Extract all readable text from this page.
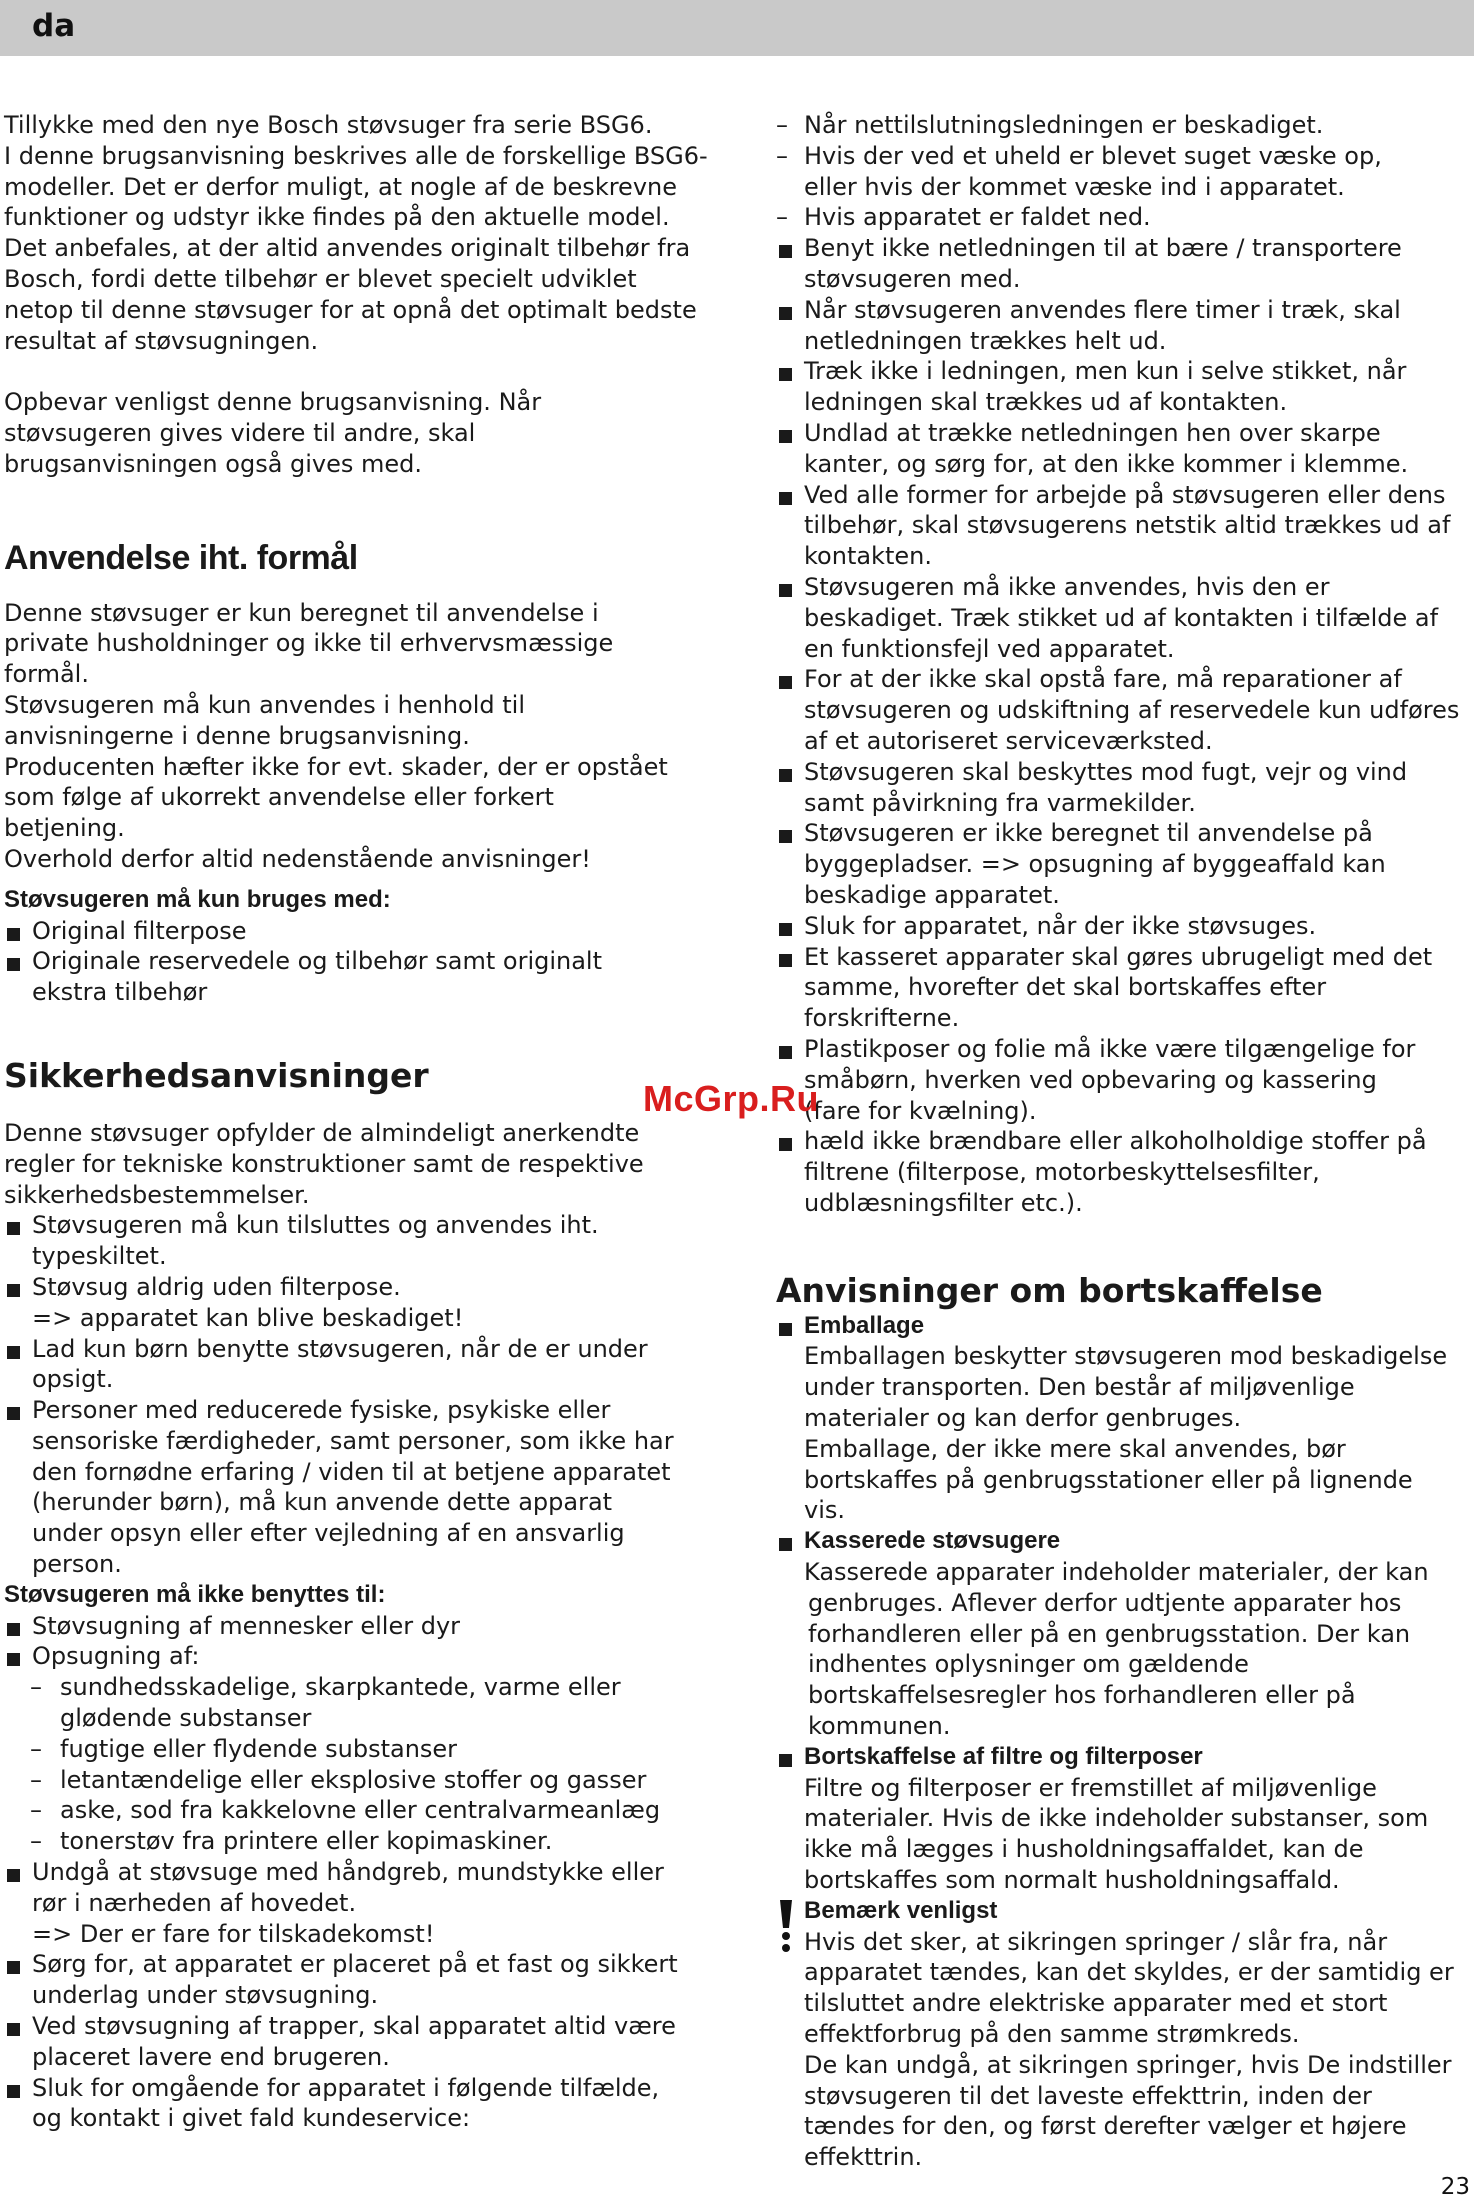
da

Tillykke med den nye Bosch støvsuger fra serie BSG6.

I denne brugsanvisning beskrives alle de forskellige BSG6-

modeller. Det er derfor muligt, at nogle af de beskrevne

funktioner og udstyr ikke findes på den aktuelle model.

Det anbefales, at der altid anvendes originalt tilbehør fra

Bosch, fordi dette tilbehør er blevet specielt udviklet

netop til denne støvsuger for at opnå det optimalt bedste

resultat af støvsugningen.

Opbevar venligst denne brugsanvisning. Når

støvsugeren gives videre til andre, skal

brugsanvisningen også gives med.

Anvendelse iht. formål

Denne støvsuger er kun beregnet til anvendelse i

private husholdninger og ikke til erhvervsmæssige

formål.

Støvsugeren må kun anvendes i henhold til

anvisningerne i denne brugsanvisning.

Producenten hæfter ikke for evt. skader, der er opstået

som følge af ukorrekt anvendelse eller forkert

betjening.

Overhold derfor altid nedenstående anvisninger!

Støvsugeren må kun bruges med:

Original filterpose

Originale reservedele og tilbehør samt originalt

ekstra tilbehør

Sikkerhedsanvisninger

Denne støvsuger opfylder de almindeligt anerkendte

regler for tekniske konstruktioner samt de respektive

sikkerhedsbestemmelser.

Støvsugeren må kun tilsluttes og anvendes iht.

typeskiltet.

Støvsug aldrig uden filterpose.

=> apparatet kan blive beskadiget!

Lad kun børn benytte støvsugeren, når de er under

opsigt.

Personer med reducerede fysiske, psykiske eller

sensoriske færdigheder, samt personer, som ikke har

den fornødne erfaring / viden til at betjene apparatet

(herunder børn), må kun anvende dette apparat

under opsyn eller efter vejledning af en ansvarlig

person.

Støvsugeren må ikke benyttes til:

Støvsugning af mennesker eller dyr

Opsugning af:

– sundhedsskadelige, skarpkantede, varme eller

glødende substanser

– fugtige eller flydende substanser

– letantændelige eller eksplosive stoffer og gasser

– aske, sod fra kakkelovne eller centralvarmeanlæg

– tonerstøv fra printere eller kopimaskiner.

Undgå at støvsuge med håndgreb, mundstykke eller

rør i nærheden af hovedet.

=> Der er fare for tilskadekomst!

Sørg for, at apparatet er placeret på et fast og sikkert

underlag under støvsugning.

Ved støvsugning af trapper, skal apparatet altid være

placeret lavere end brugeren.

Sluk for omgående for apparatet i følgende tilfælde,

og kontakt i givet fald kundeservice:

– Når nettilslutningsledningen er beskadiget.

– Hvis der ved et uheld er blevet suget væske op,

eller hvis der kommet væske ind i apparatet.

– Hvis apparatet er faldet ned.

Benyt ikke netledningen til at bære / transportere

støvsugeren med.

Når støvsugeren anvendes flere timer i træk, skal

netledningen trækkes helt ud.

Træk ikke i ledningen, men kun i selve stikket, når

ledningen skal trækkes ud af kontakten.

Undlad at trække netledningen hen over skarpe

kanter, og sørg for, at den ikke kommer i klemme.

Ved alle former for arbejde på støvsugeren eller dens

tilbehør, skal støvsugerens netstik altid trækkes ud af

kontakten.

Støvsugeren må ikke anvendes, hvis den er

beskadiget. Træk stikket ud af kontakten i tilfælde af

en funktionsfejl ved apparatet.

For at der ikke skal opstå fare, må reparationer af

støvsugeren og udskiftning af reservedele kun udføres

af et autoriseret serviceværksted.

Støvsugeren skal beskyttes mod fugt, vejr og vind

samt påvirkning fra varmekilder.

Støvsugeren er ikke beregnet til anvendelse på

byggepladser. => opsugning af byggeaffald kan

beskadige apparatet.

Sluk for apparatet, når der ikke støvsuges.

Et kasseret apparater skal gøres ubrugeligt med det

samme, hvorefter det skal bortskaffes efter

forskrifterne.

Plastikposer og folie må ikke være tilgængelige for

småbørn, hverken ved opbevaring og kassering

(fare for kvælning).

hæld ikke brændbare eller alkoholholdige stoffer på

filtrene (filterpose, motorbeskyttelsesfilter,

udblæsningsfilter etc.).

Anvisninger om bortskaffelse

Emballage

Emballagen beskytter støvsugeren mod beskadigelse

under transporten. Den består af miljøvenlige

materialer og kan derfor genbruges.

Emballage, der ikke mere skal anvendes, bør

bortskaffes på genbrugsstationer eller på lignende

vis.

Kasserede støvsugere

Kasserede apparater indeholder materialer, der kan

genbruges. Aflever derfor udtjente apparater hos

forhandleren eller på en genbrugsstation. Der kan

indhentes oplysninger om gældende

bortskaffelsesregler hos forhandleren eller på

kommunen.

Bortskaffelse af filtre og filterposer

Filtre og filterposer er fremstillet af miljøvenlige

materialer. Hvis de ikke indeholder substanser, som

ikke må lægges i husholdningsaffaldet, kan de

bortskaffes som normalt husholdningsaffald.

Bemærk venligst

Hvis det sker, at sikringen springer / slår fra, når

apparatet tændes, kan det skyldes, er der samtidig er

tilsluttet andre elektriske apparater med et stort

effektforbrug på den samme strømkreds.

De kan undgå, at sikringen springer, hvis De indstiller

støvsugeren til det laveste effekttrin, inden der

tændes for den, og først derefter vælger et højere

effekttrin.

McGrp.Ru
23
